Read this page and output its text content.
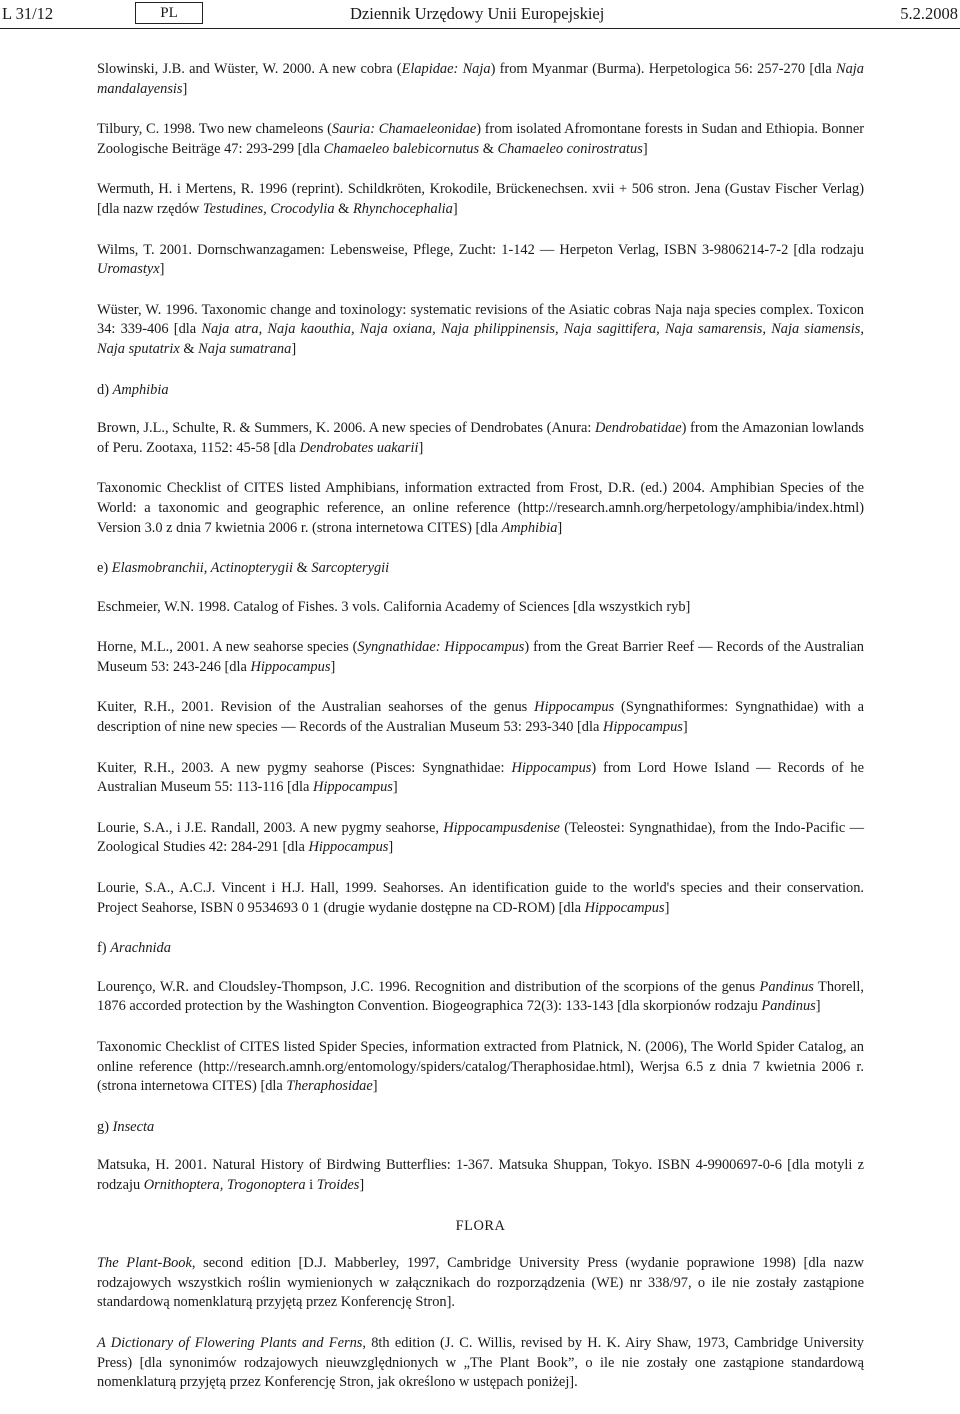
L 31/12	PL	Dziennik Urzędowy Unii Europejskiej	5.2.2008

Slowinski, J.B. and Wüster, W. 2000. A new cobra (Elapidae: Naja) from Myanmar (Burma). Herpetologica 56: 257-270 [dla Naja mandalayensis]

Tilbury, C. 1998. Two new chameleons (Sauria: Chamaeleonidae) from isolated Afromontane forests in Sudan and Ethiopia. Bonner Zoologische Beiträge 47: 293-299 [dla Chamaeleo balebicornutus & Chamaeleo conirostratus]

Wermuth, H. i Mertens, R. 1996 (reprint). Schildkröten, Krokodile, Brückenechsen. xvii + 506 stron. Jena (Gustav Fischer Verlag) [dla nazw rzędów Testudines, Crocodylia & Rhynchocephalia]

Wilms, T. 2001. Dornschwanzagamen: Lebensweise, Pflege, Zucht: 1-142 — Herpeton Verlag, ISBN 3-9806214-7-2 [dla rodzaju Uromastyx]

Wüster, W. 1996. Taxonomic change and toxinology: systematic revisions of the Asiatic cobras Naja naja species complex. Toxicon 34: 339-406 [dla Naja atra, Naja kaouthia, Naja oxiana, Naja philippinensis, Naja sagittifera, Naja samarensis, Naja siamensis, Naja sputatrix & Naja sumatrana]

d) Amphibia

Brown, J.L., Schulte, R. & Summers, K. 2006. A new species of Dendrobates (Anura: Dendrobatidae) from the Amazonian lowlands of Peru. Zootaxa, 1152: 45-58 [dla Dendrobates uakarii]

Taxonomic Checklist of CITES listed Amphibians, information extracted from Frost, D.R. (ed.) 2004. Amphibian Species of the World: a taxonomic and geographic reference, an online reference (http://research.amnh.org/herpetology/amphibia/index.html) Version 3.0 z dnia 7 kwietnia 2006 r. (strona internetowa CITES) [dla Amphibia]

e) Elasmobranchii, Actinopterygii & Sarcopterygii

Eschmeier, W.N. 1998. Catalog of Fishes. 3 vols. California Academy of Sciences [dla wszystkich ryb]

Horne, M.L., 2001. A new seahorse species (Syngnathidae: Hippocampus) from the Great Barrier Reef — Records of the Australian Museum 53: 243-246 [dla Hippocampus]

Kuiter, R.H., 2001. Revision of the Australian seahorses of the genus Hippocampus (Syngnathiformes: Syngnathidae) with a description of nine new species — Records of the Australian Museum 53: 293-340 [dla Hippocampus]

Kuiter, R.H., 2003. A new pygmy seahorse (Pisces: Syngnathidae: Hippocampus) from Lord Howe Island — Records of he Australian Museum 55: 113-116 [dla Hippocampus]

Lourie, S.A., i J.E. Randall, 2003. A new pygmy seahorse, Hippocampusdenise (Teleostei: Syngnathidae), from the Indo-Pacific — Zoological Studies 42: 284-291 [dla Hippocampus]

Lourie, S.A., A.C.J. Vincent i H.J. Hall, 1999. Seahorses. An identification guide to the world's species and their conservation. Project Seahorse, ISBN 0 9534693 0 1 (drugie wydanie dostępne na CD-ROM) [dla Hippocampus]

f) Arachnida

Lourenço, W.R. and Cloudsley-Thompson, J.C. 1996. Recognition and distribution of the scorpions of the genus Pandinus Thorell, 1876 accorded protection by the Washington Convention. Biogeographica 72(3): 133-143 [dla skorpionów rodzaju Pandinus]

Taxonomic Checklist of CITES listed Spider Species, information extracted from Platnick, N. (2006), The World Spider Catalog, an online reference (http://research.amnh.org/entomology/spiders/catalog/Theraphosidae.html), Werjsa 6.5 z dnia 7 kwietnia 2006 r. (strona internetowa CITES) [dla Theraphosidae]

g) Insecta

Matsuka, H. 2001. Natural History of Birdwing Butterflies: 1-367. Matsuka Shuppan, Tokyo. ISBN 4-9900697-0-6 [dla motyli z rodzaju Ornithoptera, Trogonoptera i Troides]

FLORA

The Plant-Book, second edition [D.J. Mabberley, 1997, Cambridge University Press (wydanie poprawione 1998) [dla nazw rodzajowych wszystkich roślin wymienionych w załącznikach do rozporządzenia (WE) nr 338/97, o ile nie zostały zastąpione standardową nomenklaturą przyjętą przez Konferencję Stron].

A Dictionary of Flowering Plants and Ferns, 8th edition (J. C. Willis, revised by H. K. Airy Shaw, 1973, Cambridge University Press) [dla synonimów rodzajowych nieuwzględnionych w „The Plant Book”, o ile nie zostały one zastąpione standardową nomenklaturą przyjętą przez Konferencję Stron, jak określono w ustępach poniżej].
